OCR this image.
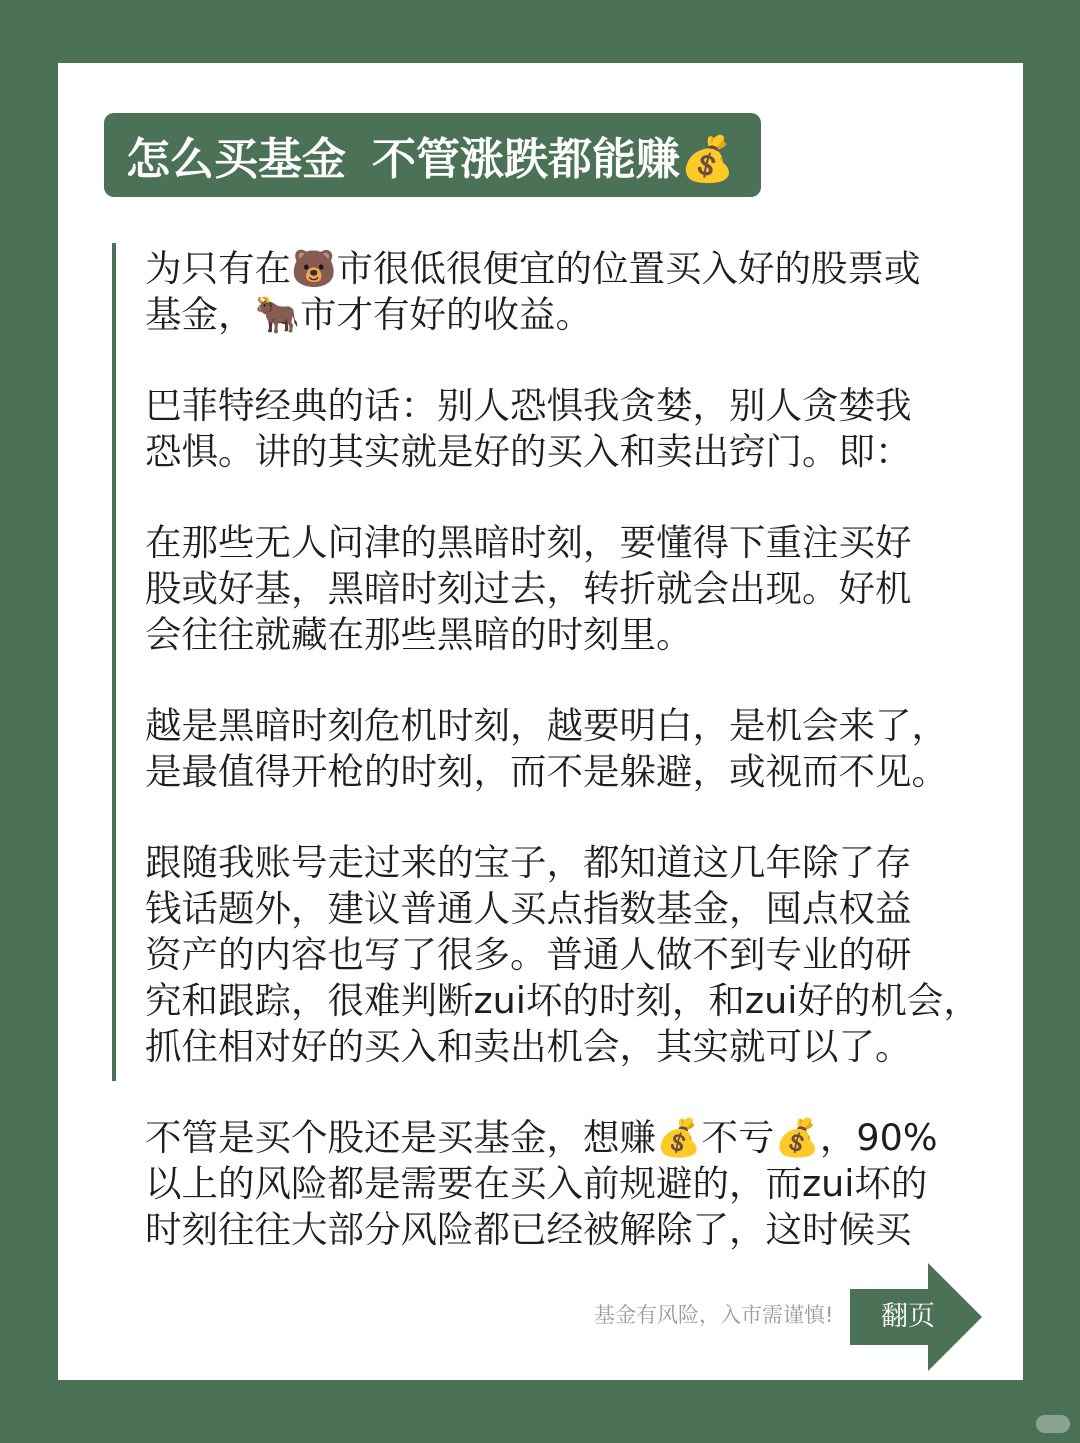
怎么买基金 不管涨跌都能赚💰

为只有在🐻市很低很便宜的位置买入好的股票或
基金，🐂市才有好的收益。

巴菲特经典的话：别人恐惧我贪婪，别人贪婪我
恐惧。讲的其实就是好的买入和卖出窍门。即：

在那些无人问津的黑暗时刻，要懂得下重注买好
股或好基，黑暗时刻过去，转折就会出现。好机
会往往就藏在那些黑暗的时刻里。

越是黑暗时刻危机时刻，越要明白，是机会来了，
是最值得开枪的时刻，而不是躲避，或视而不见。

跟随我账号走过来的宝子，都知道这几年除了存
钱话题外，建议普通人买点指数基金，囤点权益
资产的内容也写了很多。普通人做不到专业的研
究和跟踪，很难判断zui坏的时刻，和zui好的机会，
抓住相对好的买入和卖出机会，其实就可以了。

不管是买个股还是买基金，想赚💰不亏💰，90%
以上的风险都是需要在买入前规避的，而zui坏的
时刻往往大部分风险都已经被解除了，这时候买

基金有风险，入市需谨慎!	翻页
